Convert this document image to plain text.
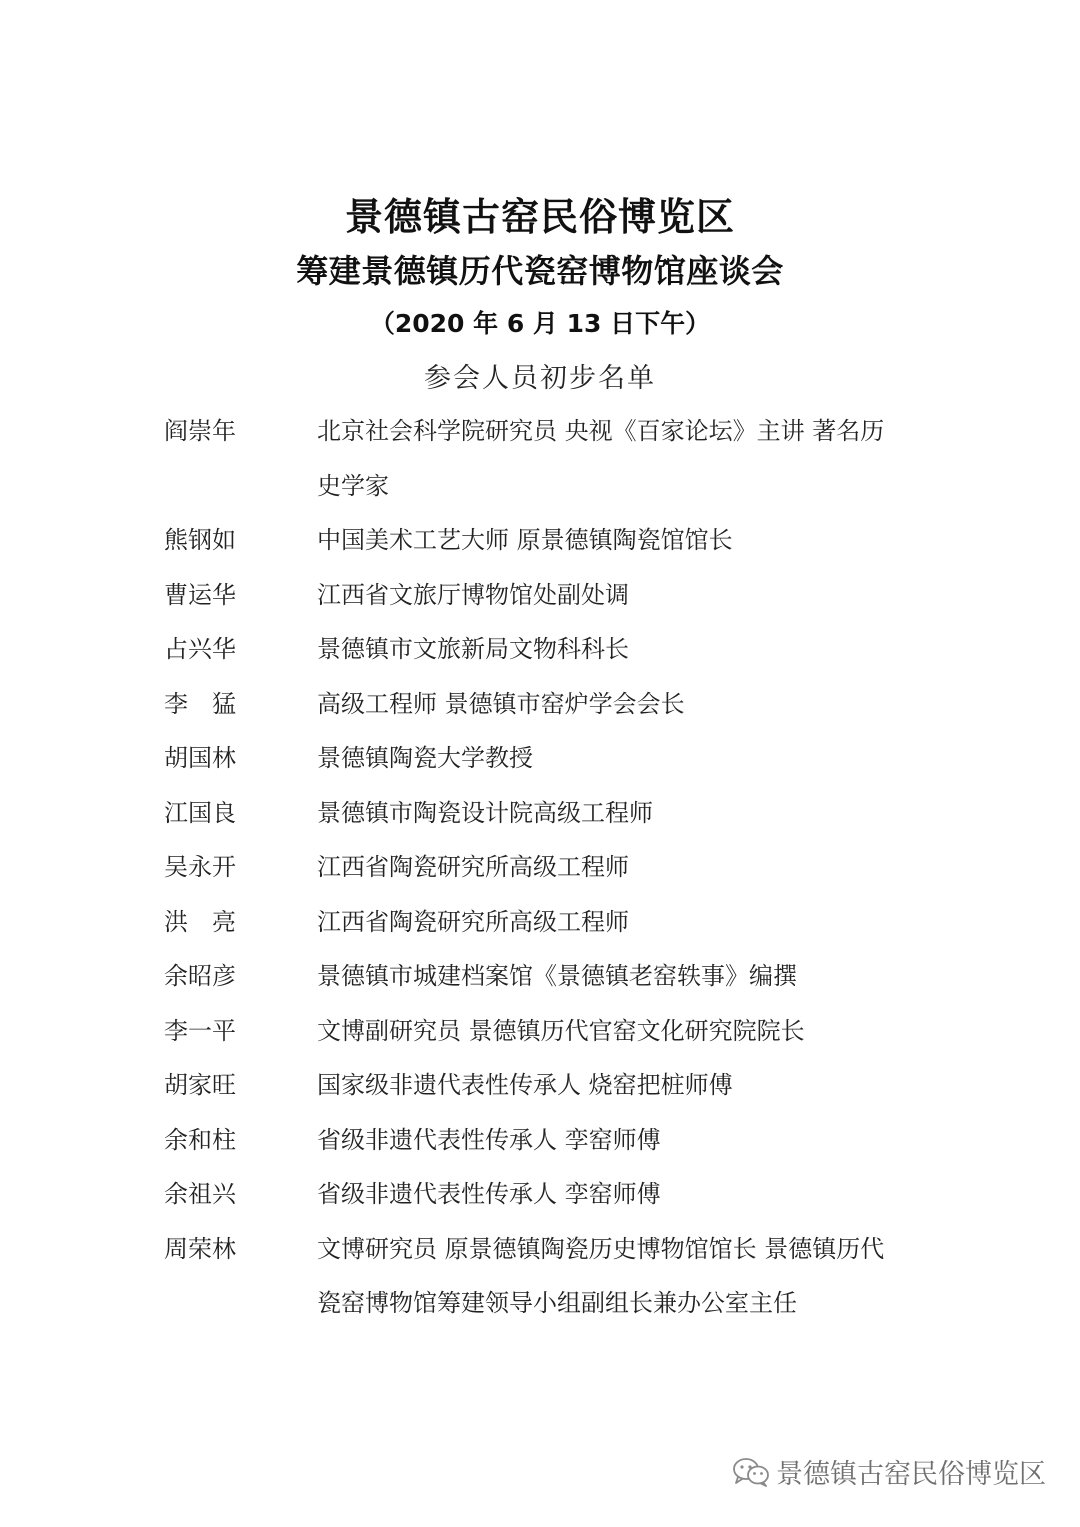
景德镇古窑民俗博览区
筹建景德镇历代瓷窑博物馆座谈会
（2020 年 6 月 13 日下午）
参会人员初步名单
阎崇年	北京社会科学院研究员 央视《百家论坛》主讲 著名历史学家
熊钢如	中国美术工艺大师 原景德镇陶瓷馆馆长
曹运华	江西省文旅厅博物馆处副处调
占兴华	景德镇市文旅新局文物科科长
李　猛	高级工程师 景德镇市窑炉学会会长
胡国林	景德镇陶瓷大学教授
江国良	景德镇市陶瓷设计院高级工程师
吴永开	江西省陶瓷研究所高级工程师
洪　亮	江西省陶瓷研究所高级工程师
余昭彦	景德镇市城建档案馆《景德镇老窑轶事》编撰
李一平	文博副研究员 景德镇历代官窑文化研究院院长
胡家旺	国家级非遗代表性传承人 烧窑把桩师傅
余和柱	省级非遗代表性传承人 孪窑师傅
余祖兴	省级非遗代表性传承人 孪窑师傅
周荣林	文博研究员 原景德镇陶瓷历史博物馆馆长 景德镇历代瓷窑博物馆筹建领导小组副组长兼办公室主任
景德镇古窑民俗博览区
